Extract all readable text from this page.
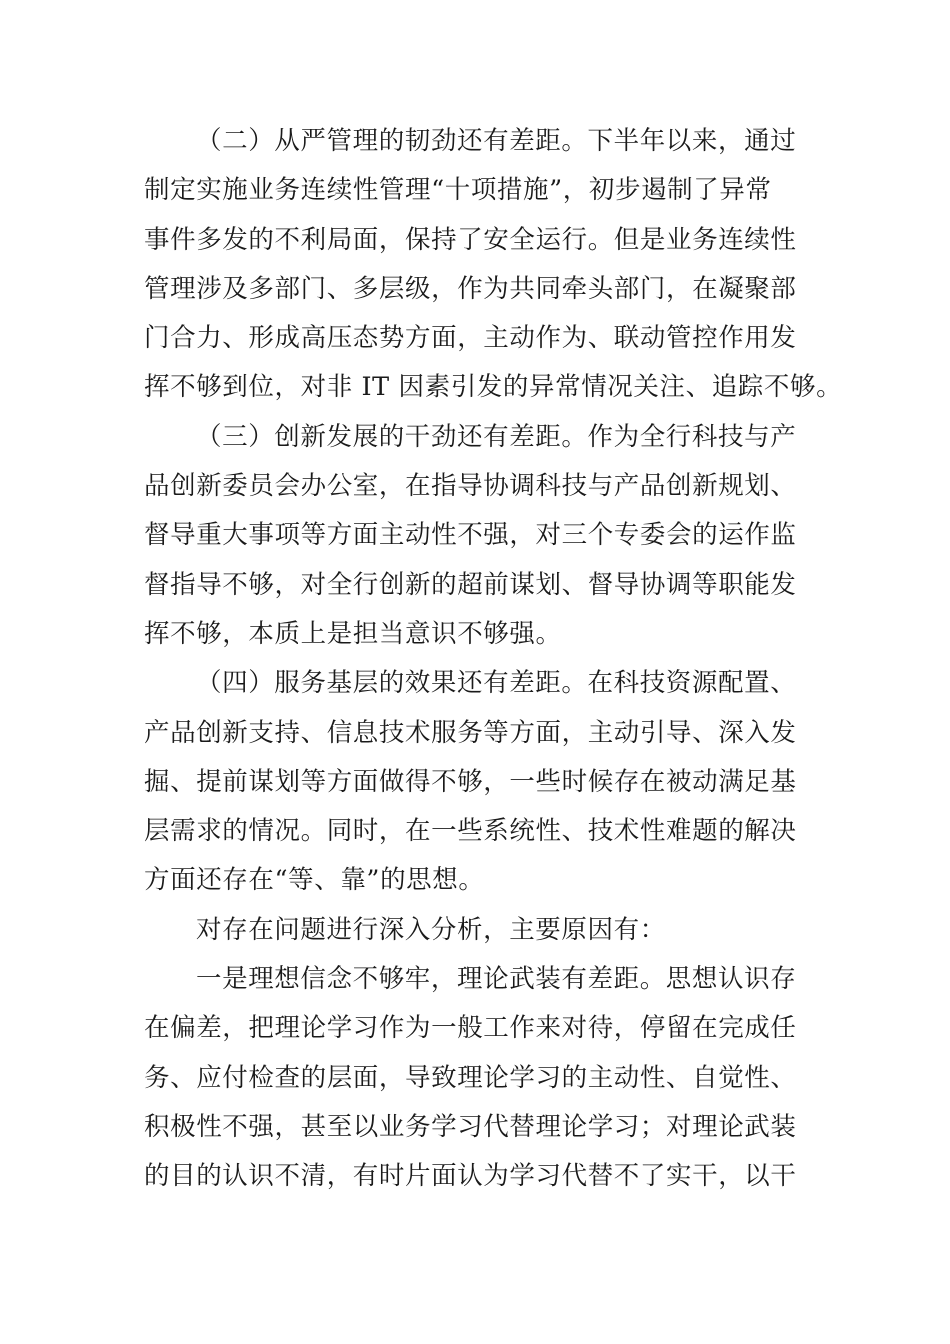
（二）从严管理的韧劲还有差距。下半年以来，通过
制定实施业务连续性管理“十项措施”，初步遏制了异常
事件多发的不利局面，保持了安全运行。但是业务连续性
管理涉及多部门、多层级，作为共同牵头部门，在凝聚部
门合力、形成高压态势方面，主动作为、联动管控作用发
挥不够到位，对非 IT 因素引发的异常情况关注、追踪不够。
（三）创新发展的干劲还有差距。作为全行科技与产
品创新委员会办公室，在指导协调科技与产品创新规划、
督导重大事项等方面主动性不强，对三个专委会的运作监
督指导不够，对全行创新的超前谋划、督导协调等职能发
挥不够，本质上是担当意识不够强。
（四）服务基层的效果还有差距。在科技资源配置、
产品创新支持、信息技术服务等方面，主动引导、深入发
掘、提前谋划等方面做得不够，一些时候存在被动满足基
层需求的情况。同时，在一些系统性、技术性难题的解决
方面还存在“等、靠”的思想。
对存在问题进行深入分析，主要原因有：
一是理想信念不够牢，理论武装有差距。思想认识存
在偏差，把理论学习作为一般工作来对待，停留在完成任
务、应付检查的层面，导致理论学习的主动性、自觉性、
积极性不强，甚至以业务学习代替理论学习；对理论武装
的目的认识不清，有时片面认为学习代替不了实干，以干
